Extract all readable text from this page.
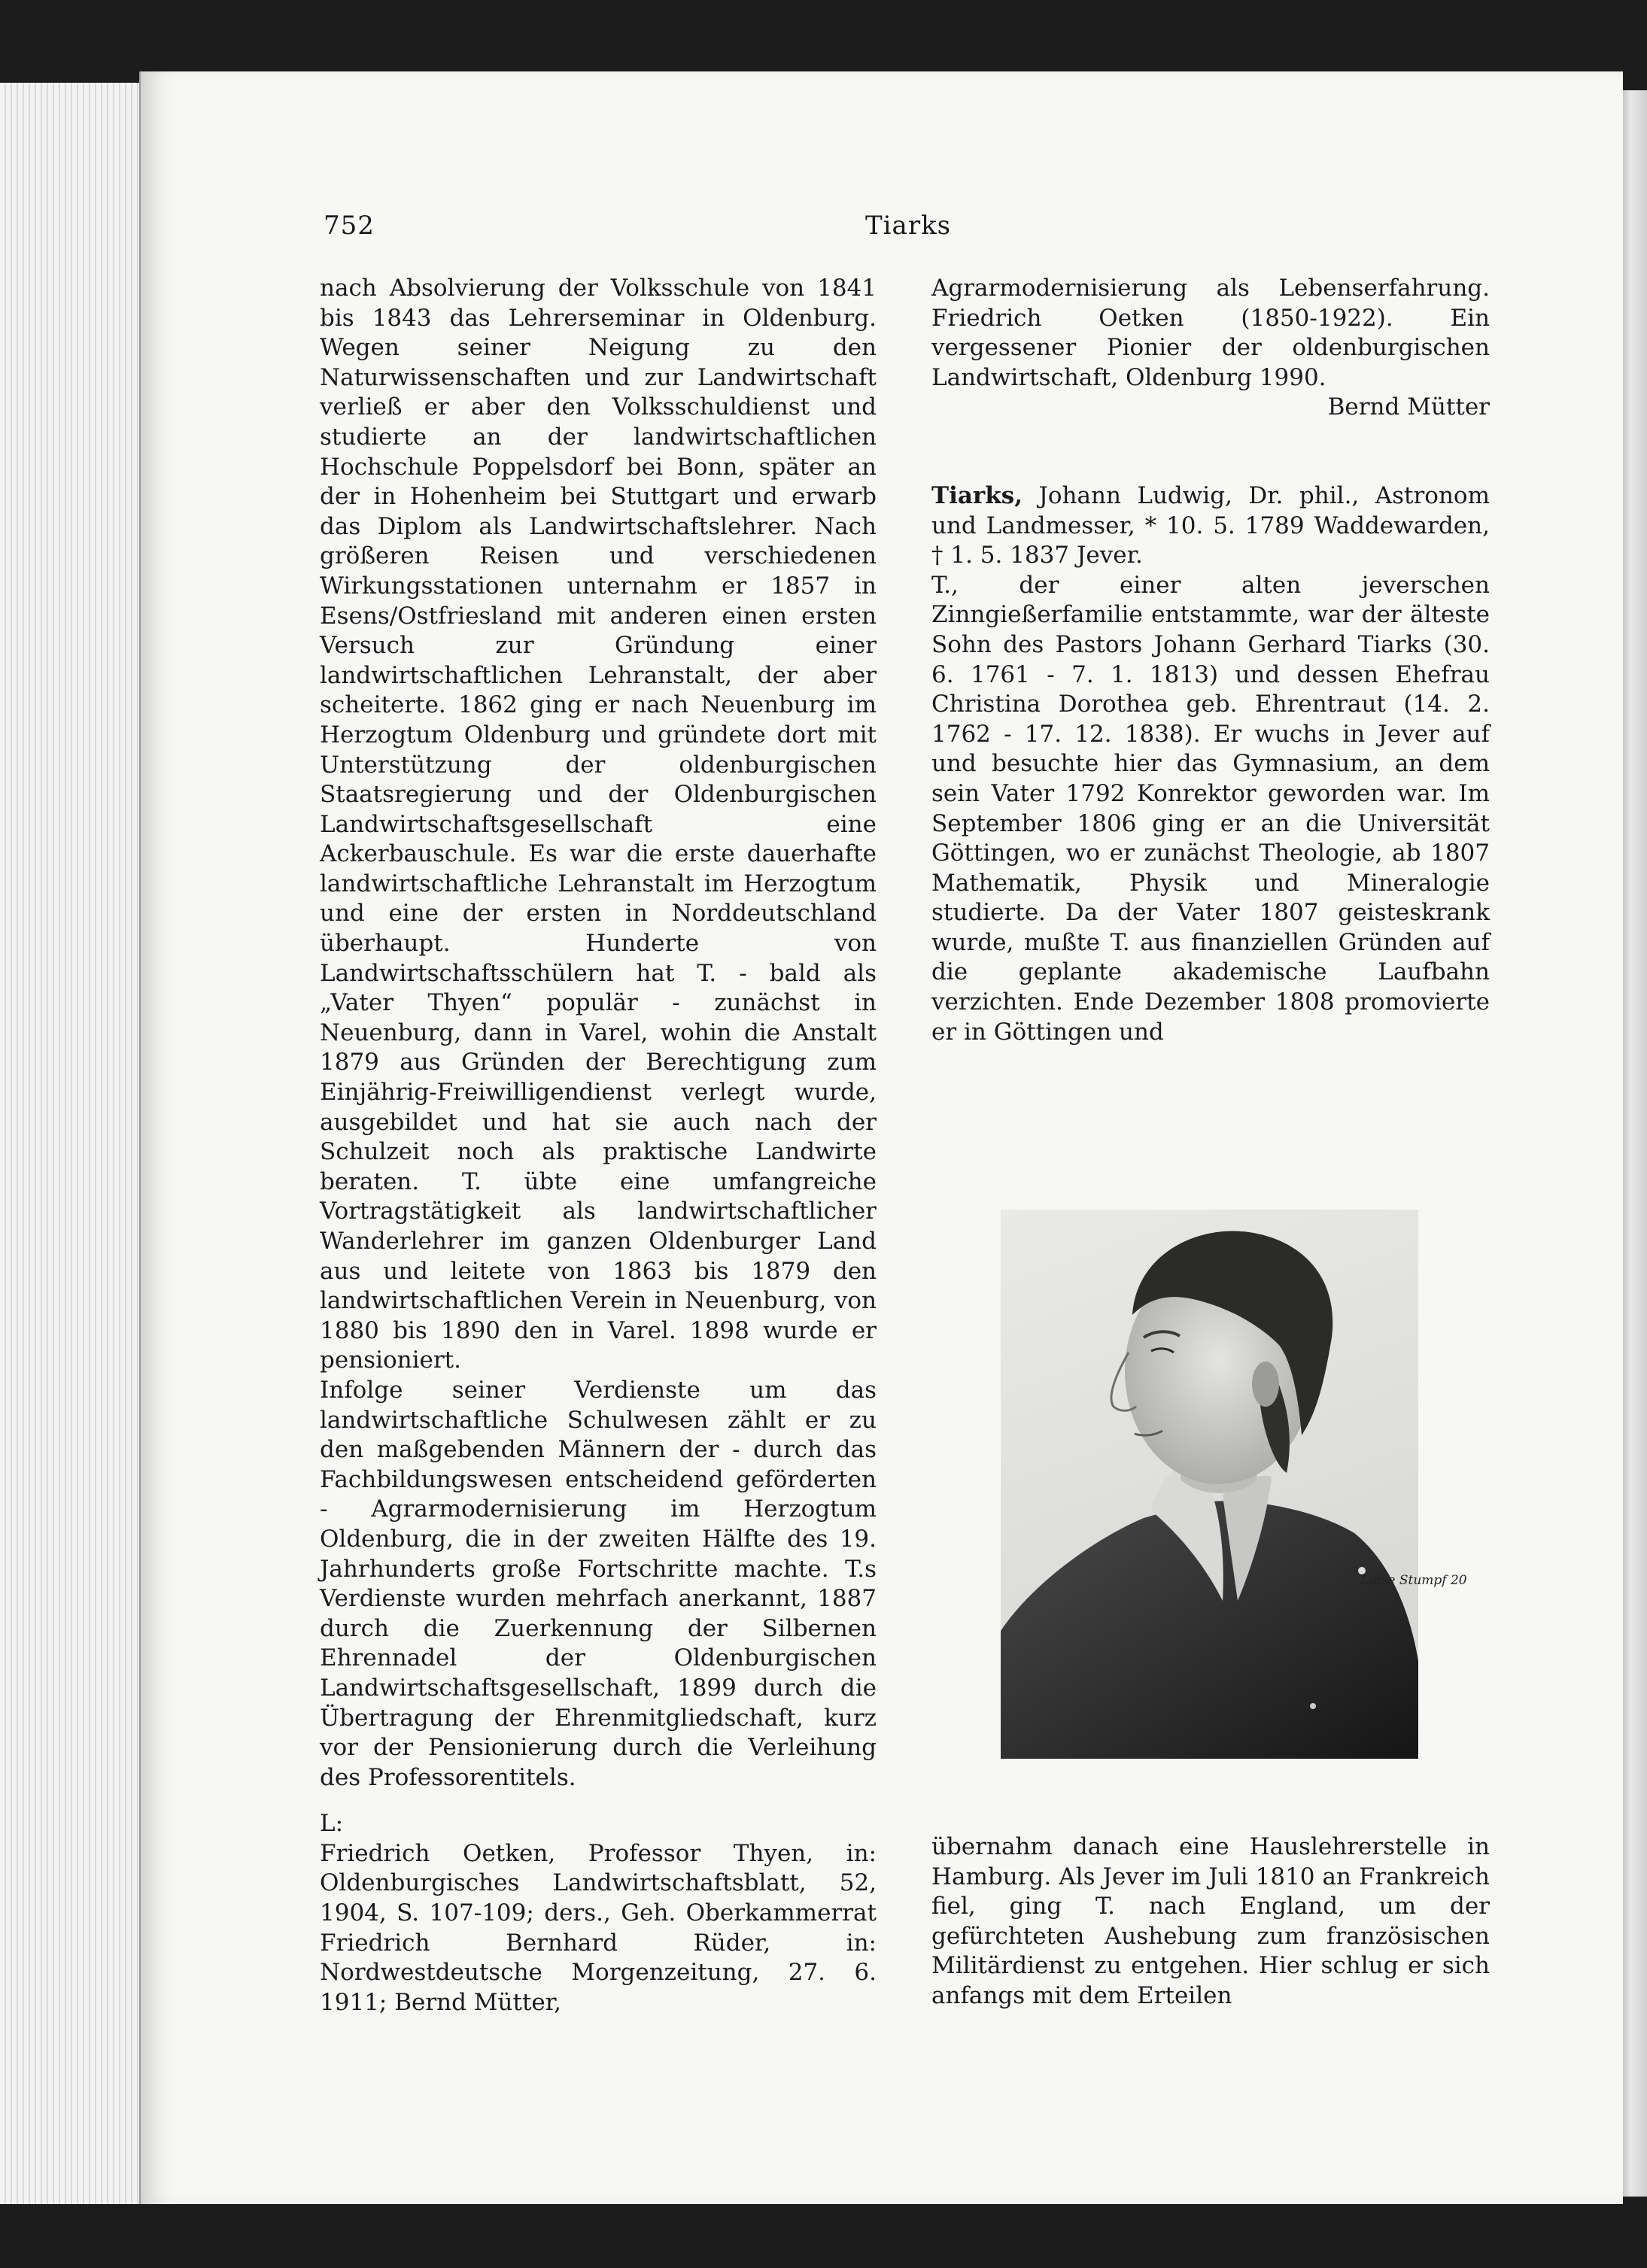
752	Tiarks

nach Absolvierung der Volksschule von 1841 bis 1843 das Lehrerseminar in Oldenburg. Wegen seiner Neigung zu den Naturwissenschaften und zur Landwirtschaft verließ er aber den Volksschuldienst und studierte an der landwirtschaftlichen Hochschule Poppelsdorf bei Bonn, später an der in Hohenheim bei Stuttgart und erwarb das Diplom als Landwirtschaftslehrer. Nach größeren Reisen und verschiedenen Wirkungsstationen unternahm er 1857 in Esens/Ostfriesland mit anderen einen ersten Versuch zur Gründung einer landwirtschaftlichen Lehranstalt, der aber scheiterte. 1862 ging er nach Neuenburg im Herzogtum Oldenburg und gründete dort mit Unterstützung der oldenburgischen Staatsregierung und der Oldenburgischen Landwirtschaftsgesellschaft eine Ackerbauschule. Es war die erste dauerhafte landwirtschaftliche Lehranstalt im Herzogtum und eine der ersten in Norddeutschland überhaupt. Hunderte von Landwirtschaftsschülern hat T. - bald als „Vater Thyen“ populär - zunächst in Neuenburg, dann in Varel, wohin die Anstalt 1879 aus Gründen der Berechtigung zum Einjährig-Freiwilligendienst verlegt wurde, ausgebildet und hat sie auch nach der Schulzeit noch als praktische Landwirte beraten. T. übte eine umfangreiche Vortragstätigkeit als landwirtschaftlicher Wanderlehrer im ganzen Oldenburger Land aus und leitete von 1863 bis 1879 den landwirtschaftlichen Verein in Neuenburg, von 1880 bis 1890 den in Varel. 1898 wurde er pensioniert.

Infolge seiner Verdienste um das landwirtschaftliche Schulwesen zählt er zu den maßgebenden Männern der - durch das Fachbildungswesen entscheidend geförderten - Agrarmodernisierung im Herzogtum Oldenburg, die in der zweiten Hälfte des 19. Jahrhunderts große Fortschritte machte. T.s Verdienste wurden mehrfach anerkannt, 1887 durch die Zuerkennung der Silbernen Ehrennadel der Oldenburgischen Landwirtschaftsgesellschaft, 1899 durch die Übertragung der Ehrenmitgliedschaft, kurz vor der Pensionierung durch die Verleihung des Professorentitels.

L:

Friedrich Oetken, Professor Thyen, in: Oldenburgisches Landwirtschaftsblatt, 52, 1904, S. 107-109; ders., Geh. Oberkammerrat Friedrich Bernhard Rüder, in: Nordwestdeutsche Morgenzeitung, 27. 6. 1911; Bernd Mütter,

Agrarmodernisierung als Lebenserfahrung. Friedrich Oetken (1850-1922). Ein vergessener Pionier der oldenburgischen Landwirtschaft, Oldenburg 1990.

Bernd Mütter

Tiarks, Johann Ludwig, Dr. phil., Astronom und Landmesser, * 10. 5. 1789 Waddewarden, † 1. 5. 1837 Jever.

T., der einer alten jeverschen Zinngießerfamilie entstammte, war der älteste Sohn des Pastors Johann Gerhard Tiarks (30. 6. 1761 - 7. 1. 1813) und dessen Ehefrau Christina Dorothea geb. Ehrentraut (14. 2. 1762 - 17. 12. 1838). Er wuchs in Jever auf und besuchte hier das Gymnasium, an dem sein Vater 1792 Konrektor geworden war. Im September 1806 ging er an die Universität Göttingen, wo er zunächst Theologie, ab 1807 Mathematik, Physik und Mineralogie studierte. Da der Vater 1807 geisteskrank wurde, mußte T. aus finanziellen Gründen auf die geplante akademische Laufbahn verzichten. Ende Dezember 1808 promovierte er in Göttingen und

Luise Stumpf 20

übernahm danach eine Hauslehrerstelle in Hamburg. Als Jever im Juli 1810 an Frankreich fiel, ging T. nach England, um der gefürchteten Aushebung zum französischen Militärdienst zu entgehen. Hier schlug er sich anfangs mit dem Erteilen
